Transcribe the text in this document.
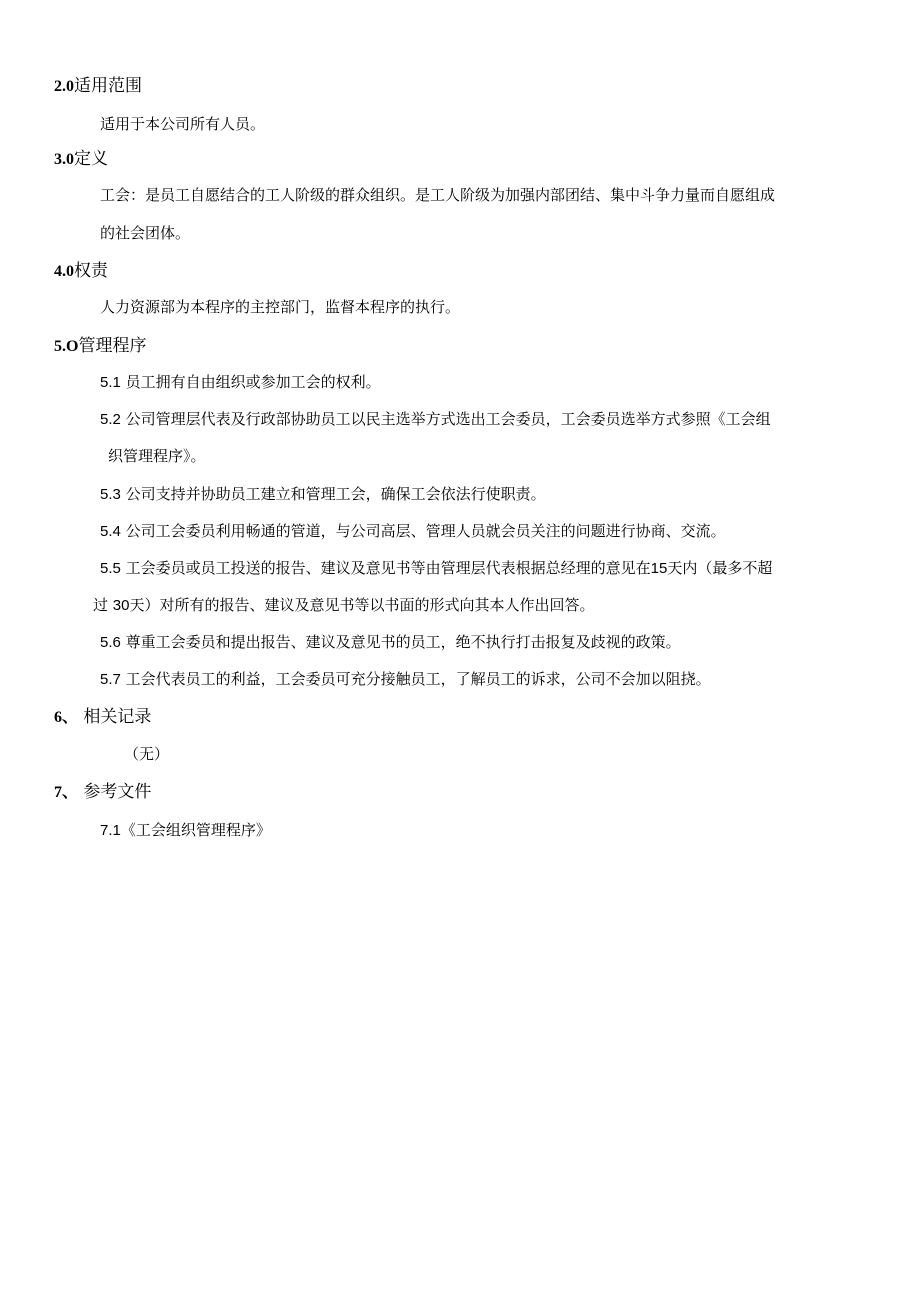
2.0适用范围
适用于本公司所有人员。
3.0定义
工会：是员工自愿结合的工人阶级的群众组织。是工人阶级为加强内部团结、集中斗争力量而自愿组成
的社会团体。
4.0权责
人力资源部为本程序的主控部门，监督本程序的执行。
5.O管理程序
5.1 员工拥有自由组织或参加工会的权利。
5.2 公司管理层代表及行政部协助员工以民主选举方式选出工会委员，工会委员选举方式参照《工会组
织管理程序》。
5.3 公司支持并协助员工建立和管理工会，确保工会依法行使职责。
5.4 公司工会委员利用畅通的管道，与公司高层、管理人员就会员关注的问题进行协商、交流。
5.5 工会委员或员工投送的报告、建议及意见书等由管理层代表根据总经理的意见在15天内（最多不超
过 30天）对所有的报告、建议及意见书等以书面的形式向其本人作出回答。
5.6 尊重工会委员和提出报告、建议及意见书的员工，绝不执行打击报复及歧视的政策。
5.7 工会代表员工的利益，工会委员可充分接触员工，了解员工的诉求，公司不会加以阻挠。
6、 相关记录
（无）
7、 参考文件
7.1《工会组织管理程序》
